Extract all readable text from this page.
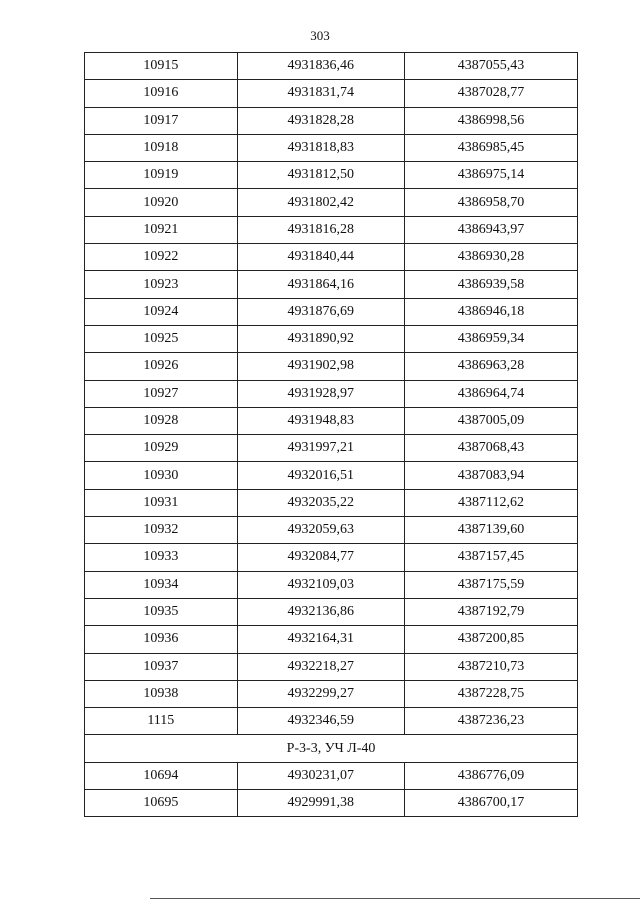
303
10915	4931836,46	4387055,43
10916	4931831,74	4387028,77
10917	4931828,28	4386998,56
10918	4931818,83	4386985,45
10919	4931812,50	4386975,14
10920	4931802,42	4386958,70
10921	4931816,28	4386943,97
10922	4931840,44	4386930,28
10923	4931864,16	4386939,58
10924	4931876,69	4386946,18
10925	4931890,92	4386959,34
10926	4931902,98	4386963,28
10927	4931928,97	4386964,74
10928	4931948,83	4387005,09
10929	4931997,21	4387068,43
10930	4932016,51	4387083,94
10931	4932035,22	4387112,62
10932	4932059,63	4387139,60
10933	4932084,77	4387157,45
10934	4932109,03	4387175,59
10935	4932136,86	4387192,79
10936	4932164,31	4387200,85
10937	4932218,27	4387210,73
10938	4932299,27	4387228,75
1115	4932346,59	4387236,23
Р-3-3, УЧ Л-40		
10694	4930231,07	4386776,09
10695	4929991,38	4386700,17
